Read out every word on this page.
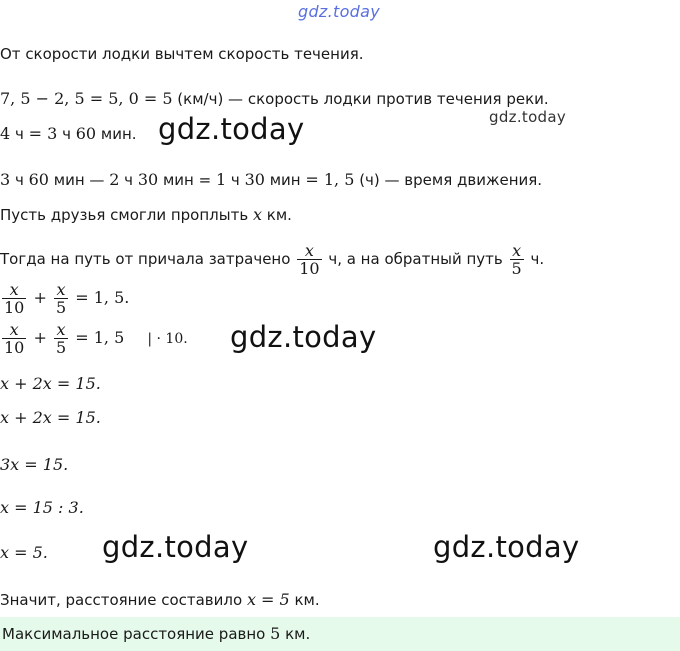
gdz.today
От скорости лодки вычтем скорость течения.
7, 5 − 2, 5 = 5, 0 = 5 (км/ч) — скорость лодки против течения реки.
gdz.today
4 ч = 3 ч 60 мин. gdz.today
3 ч 60 мин — 2 ч 30 мин = 1 ч 30 мин = 1, 5 (ч) — время движения.
Пусть друзья смогли проплыть x км.
Тогда на путь от причала затрачено $\frac{x}{10} ч$, а на обратный путь $\frac{x}{5} ч$.
$\frac{x}{10} + \frac{x}{5} = 1$, 5.
$\frac{x}{10} + \frac{x}{5} = 1$, 5 | · 10. gdz.today
x + 2x = 15.
x + 2x = 15.
3x = 15.
x = 15 : 3.
x = 5. gdz.today	gdz.today
Значит, расстояние составило x = 5 км.
Максимальное расстояние равно 5 км.
